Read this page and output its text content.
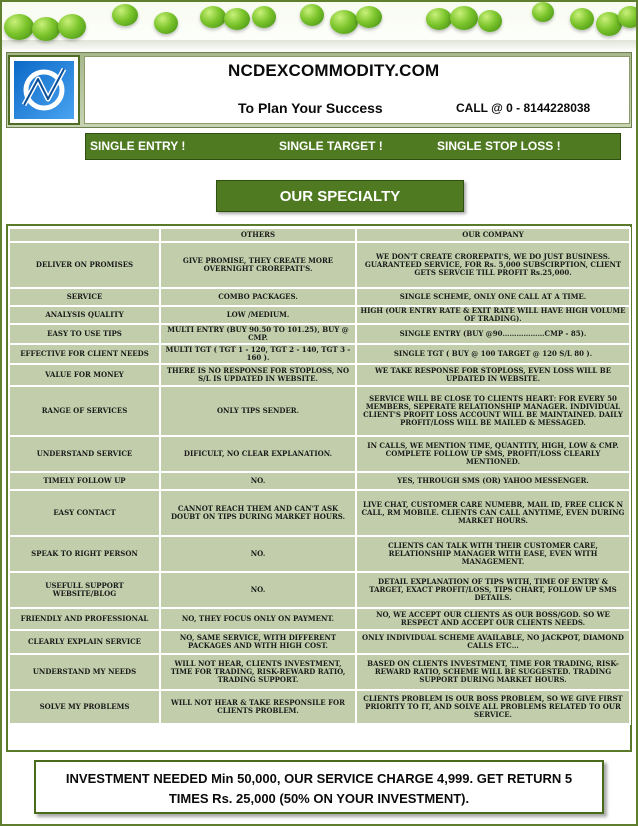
NCDEXCOMMODITY.COM
To Plan Your Success	CALL @ 0 - 8144228038
SINGLE ENTRY !	SINGLE TARGET !	SINGLE STOP LOSS !
OUR SPECIALTY
	OTHERS	OUR COMPANY
DELIVER ON PROMISES	GIVE PROMISE, THEY CREATE MORE OVERNIGHT CROREPATI'S.	WE DON'T CREATE CROREPATI'S, WE DO JUST BUSINESS. GUARANTEED SERVICE, FOR Rs. 5,000 SUBSCIRPTION, CLIENT GETS SERVCIE TILL PROFIT Rs.25,000.
SERVICE	COMBO PACKAGES.	SINGLE SCHEME, ONLY ONE CALL AT A TIME.
ANALYSIS QUALITY	LOW /MEDIUM.	HIGH (OUR ENTRY RATE & EXIT RATE WILL HAVE HIGH VOLUME OF TRADING).
EASY TO USE TIPS	MULTI ENTRY (BUY 90.50 TO 101.25), BUY @ CMP.	SINGLE ENTRY (BUY @90………………CMP - 85).
EFFECTIVE FOR CLIENT NEEDS	MULTI TGT ( TGT 1 - 120, TGT 2 - 140, TGT 3 - 160 ).	SINGLE TGT ( BUY @ 100 TARGET @ 120 S/L 80 ).
VALUE FOR MONEY	THERE IS NO RESPONSE FOR STOPLOSS, NO S/L IS UPDATED IN WEBSITE.	WE TAKE RESPONSE FOR STOPLOSS, EVEN LOSS WILL BE UPDATED IN WEBSITE.
RANGE OF SERVICES	ONLY TIPS SENDER.	SERVICE WILL BE CLOSE TO CLIENTS HEART: FOR EVERY 50 MEMBERS, SEPERATE RELATIONSHIP MANAGER. INDIVIDUAL CLIENT'S PROFIT LOSS ACCOUNT WILL BE MAINTAINED. DAILY PROFIT/LOSS WILL BE MAILED & MESSAGED.
UNDERSTAND SERVICE	DIFICULT, NO CLEAR EXPLANATION.	IN CALLS, WE MENTION TIME, QUANTITY, HIGH, LOW & CMP. COMPLETE FOLLOW UP SMS, PROFIT/LOSS CLEARLY MENTIONED.
TIMELY FOLLOW UP	NO.	YES, THROUGH SMS (OR) YAHOO MESSENGER.
EASY CONTACT	CANNOT REACH THEM AND CAN'T ASK DOUBT ON TIPS DURING MARKET HOURS.	LIVE CHAT, CUSTOMER CARE NUMEBR, MAIL ID, FREE CLICK N CALL, RM MOBILE. CLIENTS CAN CALL ANYTIME, EVEN DURING MARKET HOURS.
SPEAK TO RIGHT PERSON	NO.	CLIENTS CAN TALK WITH THEIR CUSTOMER CARE, RELATIONSHIP MANAGER WITH EASE, EVEN WITH MANAGEMENT.
USEFULL SUPPORT WEBSITE/BLOG	NO.	DETAIL EXPLANATION OF TIPS WITH, TIME OF ENTRY & TARGET, EXACT PROFIT/LOSS, TIPS CHART, FOLLOW UP SMS DETAILS.
FRIENDLY AND PROFESSIONAL	NO, THEY FOCUS ONLY ON PAYMENT.	NO, WE ACCEPT OUR CLIENTS AS OUR BOSS/GOD. SO WE RESPECT AND ACCEPT OUR CLIENTS NEEDS.
CLEARLY EXPLAIN SERVICE	NO, SAME SERVICE, WITH DIFFERENT PACKAGES AND WITH HIGH COST.	ONLY INDIVIDUAL SCHEME AVAILABLE, NO JACKPOT, DIAMOND CALLS ETC…
UNDERSTAND MY NEEDS	WILL NOT HEAR, CLIENTS INVESTMENT, TIME FOR TRADING, RISK-REWARD RATIO, TRADING SUPPORT.	BASED ON CLIENTS INVESTMENT, TIME FOR TRADING, RISK-REWARD RATIO, SCHEME WILL BE SUGGESTED. TRADING SUPPORT DURING MARKET HOURS.
SOLVE MY PROBLEMS	WILL NOT HEAR & TAKE RESPONSILE FOR CLIENTS PROBLEM.	CLIENTS PROBLEM IS OUR BOSS PROBLEM, SO WE GIVE FIRST PRIORITY TO IT, AND SOLVE ALL PROBLEMS RELATED TO OUR SERVICE.
INVESTMENT NEEDED Min 50,000, OUR SERVICE CHARGE 4,999. GET RETURN 5
TIMES Rs. 25,000 (50% ON YOUR INVESTMENT).
